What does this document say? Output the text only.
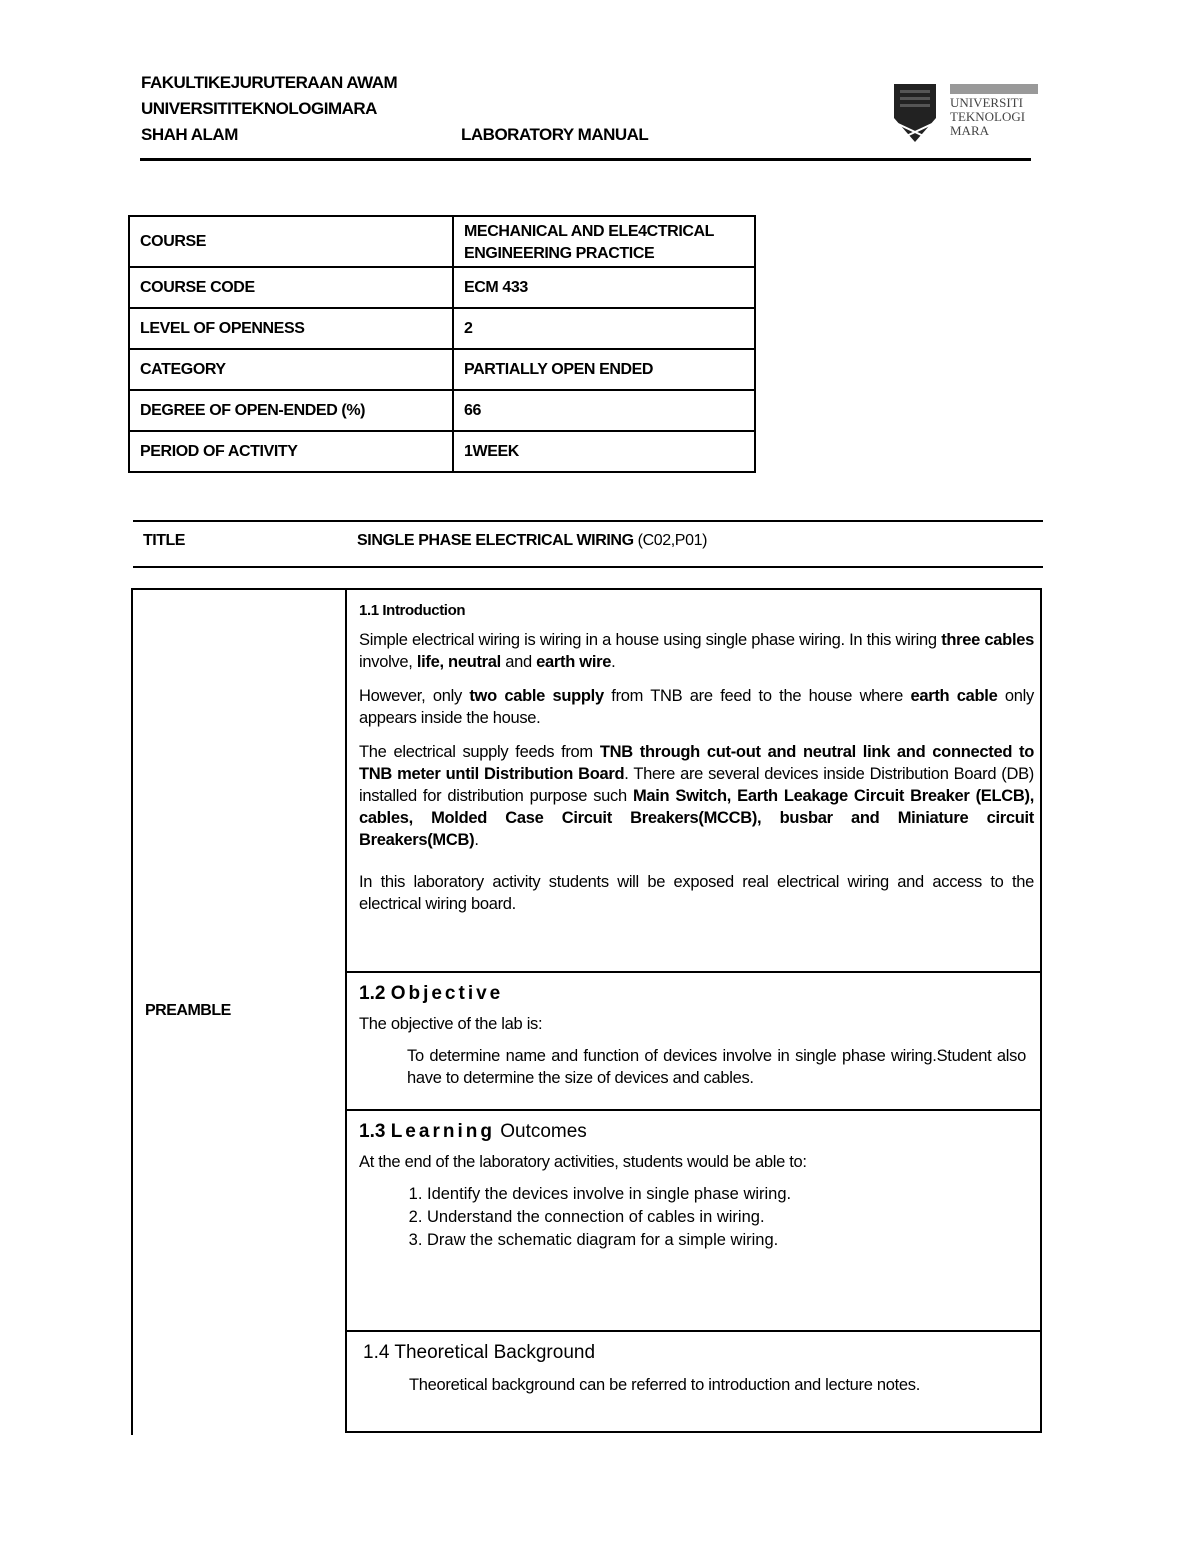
FAKULTIKEJURUTERAAN AWAM
UNIVERSITITEKNOLOGIMARA
SHAH ALAM	LABORATORY MANUAL
UNIVERSITI
TEKNOLOGI
MARA
COURSE	MECHANICAL AND ELE4CTRICAL ENGINEERING PRACTICE
COURSE CODE	ECM 433
LEVEL OF OPENNESS	2
CATEGORY	PARTIALLY OPEN ENDED
DEGREE OF OPEN-ENDED (%)	66
PERIOD OF ACTIVITY	1WEEK
TITLE	SINGLE PHASE ELECTRICAL WIRING (C02,P01)
PREAMBLE

1.1 Introduction

Simple electrical wiring is wiring in a house using single phase wiring. In this wiring three cables involve, life, neutral and earth wire.

However, only two cable supply from TNB are feed to the house where earth cable only appears inside the house.

The electrical supply feeds from TNB through cut-out and neutral link and connected to TNB meter until Distribution Board. There are several devices inside Distribution Board (DB) installed for distribution purpose such Main Switch, Earth Leakage Circuit Breaker (ELCB), cables, Molded Case Circuit Breakers(MCCB), busbar and Miniature circuit Breakers(MCB).

In this laboratory activity students will be exposed real electrical wiring and access to the electrical wiring board.

1.2 Objective

The objective of the lab is:

To determine name and function of devices involve in single phase wiring.Student also have to determine the size of devices and cables.

1.3 Learning Outcomes

At the end of the laboratory activities, students would be able to:

1. Identify the devices involve in single phase wiring.
2. Understand the connection of cables in wiring.
3. Draw the schematic diagram for a simple wiring.

1.4 Theoretical Background

Theoretical background can be referred to introduction and lecture notes.
